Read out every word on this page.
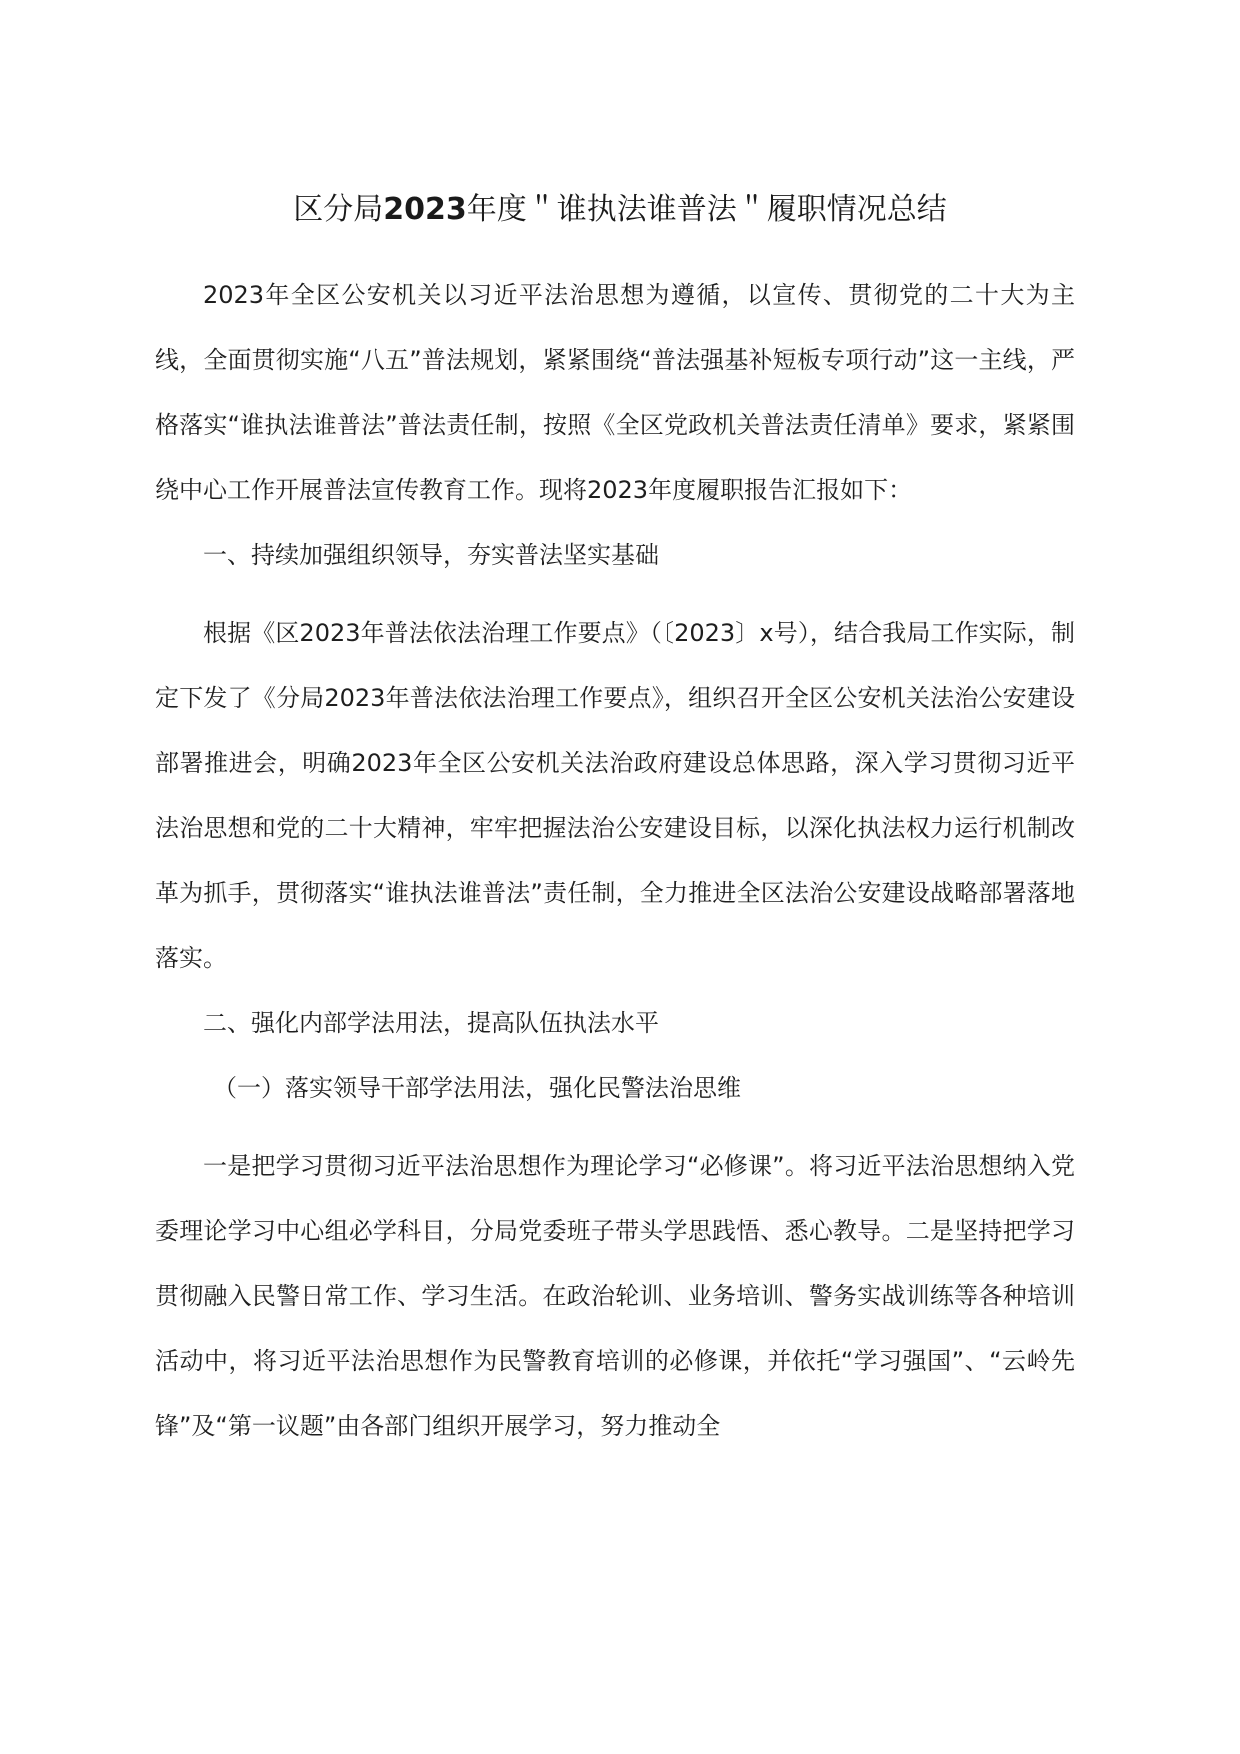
区分局2023年度＂谁执法谁普法＂履职情况总结

2023年全区公安机关以习近平法治思想为遵循，以宣传、贯彻党的二十大为主线，全面贯彻实施“八五”普法规划，紧紧围绕“普法强基补短板专项行动”这一主线，严格落实“谁执法谁普法”普法责任制，按照《全区党政机关普法责任清单》要求，紧紧围绕中心工作开展普法宣传教育工作。现将2023年度履职报告汇报如下：

一、持续加强组织领导，夯实普法坚实基础

根据《区2023年普法依法治理工作要点》（〔2023〕x号），结合我局工作实际，制定下发了《分局2023年普法依法治理工作要点》，组织召开全区公安机关法治公安建设部署推进会，明确2023年全区公安机关法治政府建设总体思路，深入学习贯彻习近平法治思想和党的二十大精神，牢牢把握法治公安建设目标，以深化执法权力运行机制改革为抓手，贯彻落实“谁执法谁普法”责任制，全力推进全区法治公安建设战略部署落地落实。

二、强化内部学法用法，提高队伍执法水平

（一）落实领导干部学法用法，强化民警法治思维

一是把学习贯彻习近平法治思想作为理论学习“必修课”。将习近平法治思想纳入党委理论学习中心组必学科目，分局党委班子带头学思践悟、悉心教导。二是坚持把学习贯彻融入民警日常工作、学习生活。在政治轮训、业务培训、警务实战训练等各种培训活动中，将习近平法治思想作为民警教育培训的必修课，并依托“学习强国”、“云岭先锋”及“第一议题”由各部门组织开展学习，努力推动全
